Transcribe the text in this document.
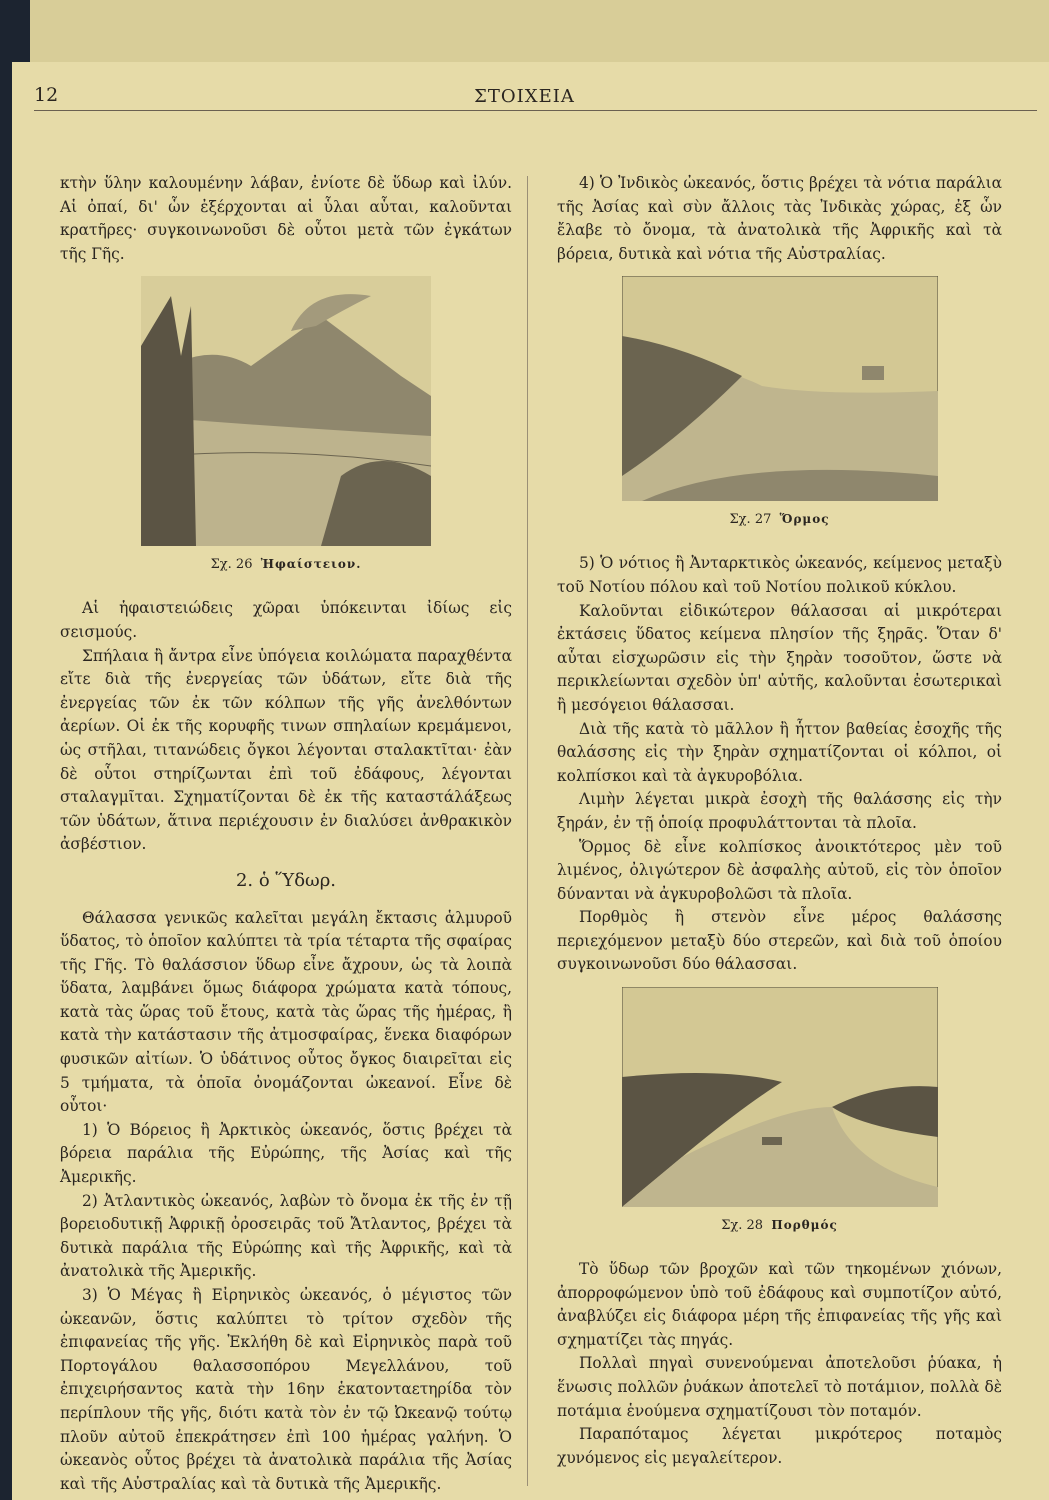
12	ΣΤΟΙΧΕΙΑ

κτὴν ὕλην καλουμένην λάβαν, ἐνίοτε δὲ ὕδωρ καὶ ἰλύν. Αἱ ὀπαί, δι' ὧν ἐξέρχονται αἱ ὗλαι αὗται, καλοῦνται κρατῆρες· συγκοινωνοῦσι δὲ οὗτοι μετὰ τῶν ἐγκάτων τῆς Γῆς.

Σχ. 26 Ἠφαίστειον.

Αἱ ἡφαιστειώδεις χῶραι ὑπόκεινται ἰδίως εἰς σεισμούς.

Σπήλαια ἢ ἄντρα εἶνε ὑπόγεια κοιλώματα παραχθέντα εἴτε διὰ τῆς ἐνεργείας τῶν ὑδάτων, εἴτε διὰ τῆς ἐνεργείας τῶν ἐκ τῶν κόλπων τῆς γῆς ἀνελθόντων ἀερίων. Οἱ ἐκ τῆς κορυφῆς τινων σπηλαίων κρεμάμενοι, ὡς στῆλαι, τιτανώδεις ὄγκοι λέγονται σταλακτῖται· ἐὰν δὲ οὗτοι στηρίζωνται ἐπὶ τοῦ ἐδάφους, λέγονται σταλαγμῖται. Σχηματίζονται δὲ ἐκ τῆς καταστάλάξεως τῶν ὑδάτων, ἅτινα περιέχουσιν ἐν διαλύσει ἀνθρακικὸν ἀσβέστιον.

2. ὁ Ὕδωρ.

Θάλασσα γενικῶς καλεῖται μεγάλη ἔκτασις ἁλμυροῦ ὕδατος, τὸ ὁποῖον καλύπτει τὰ τρία τέταρτα τῆς σφαίρας τῆς Γῆς. Τὸ θαλάσσιον ὕδωρ εἶνε ἄχρουν, ὡς τὰ λοιπὰ ὕδατα, λαμβάνει ὅμως διάφορα χρώματα κατὰ τόπους, κατὰ τὰς ὥρας τοῦ ἔτους, κατὰ τὰς ὥρας τῆς ἡμέρας, ἢ κατὰ τὴν κατάστασιν τῆς ἀτμοσφαίρας, ἕνεκα διαφόρων φυσικῶν αἰτίων. Ὁ ὑδάτινος οὗτος ὄγκος διαιρεῖται εἰς 5 τμήματα, τὰ ὁποῖα ὀνομάζονται ὠκεανοί. Εἶνε δὲ οὗτοι·

1) Ὁ Βόρειος ἢ Ἀρκτικὸς ὠκεανός, ὅστις βρέχει τὰ βόρεια παράλια τῆς Εὐρώπης, τῆς Ἀσίας καὶ τῆς Ἀμερικῆς.

2) Ἀτλαντικὸς ὠκεανός, λαβὼν τὸ ὄνομα ἐκ τῆς ἐν τῇ βορειοδυτικῇ Ἀφρικῇ ὀροσειρᾶς τοῦ Ἄτλαντος, βρέχει τὰ δυτικὰ παράλια τῆς Εὐρώπης καὶ τῆς Ἀφρικῆς, καὶ τὰ ἀνατολικὰ τῆς Ἀμερικῆς.

3) Ὁ Μέγας ἢ Εἰρηνικὸς ὠκεανός, ὁ μέγιστος τῶν ὠκεανῶν, ὅστις καλύπτει τὸ τρίτον σχεδὸν τῆς ἐπιφανείας τῆς γῆς. Ἐκλήθη δὲ καὶ Εἰρηνικὸς παρὰ τοῦ Πορτογάλου θαλασσοπόρου Μεγελλάνου, τοῦ ἐπιχειρήσαντος κατὰ τὴν 16ην ἑκατονταετηρίδα τὸν περίπλουν τῆς γῆς, διότι κατὰ τὸν ἐν τῷ Ὠκεανῷ τούτῳ πλοῦν αὐτοῦ ἐπεκράτησεν ἐπὶ 100 ἡμέρας γαλήνη. Ὁ ὠκεανὸς οὗτος βρέχει τὰ ἀνατολικὰ παράλια τῆς Ἀσίας καὶ τῆς Αὐστραλίας καὶ τὰ δυτικὰ τῆς Ἀμερικῆς.

4) Ὁ Ἰνδικὸς ὠκεανός, ὅστις βρέχει τὰ νότια παράλια τῆς Ἀσίας καὶ σὺν ἄλλοις τὰς Ἰνδικὰς χώρας, ἐξ ὧν ἔλαβε τὸ ὄνομα, τὰ ἀνατολικὰ τῆς Ἀφρικῆς καὶ τὰ βόρεια, δυτικὰ καὶ νότια τῆς Αὐστραλίας.

Σχ. 27 Ὅρμος

5) Ὁ νότιος ἢ Ἀνταρκτικὸς ὠκεανός, κείμενος μεταξὺ τοῦ Νοτίου πόλου καὶ τοῦ Νοτίου πολικοῦ κύκλου.

Καλοῦνται εἰδικώτερον θάλασσαι αἱ μικρότεραι ἐκτάσεις ὕδατος κείμενα πλησίον τῆς ξηρᾶς. Ὅταν δ' αὗται εἰσχωρῶσιν εἰς τὴν ξηρὰν τοσοῦτον, ὥστε νὰ περικλείωνται σχεδὸν ὑπ' αὐτῆς, καλοῦνται ἐσωτερικαὶ ἢ μεσόγειοι θάλασσαι.

Διὰ τῆς κατὰ τὸ μᾶλλον ἢ ἧττον βαθείας ἐσοχῆς τῆς θαλάσσης εἰς τὴν ξηρὰν σχηματίζονται οἱ κόλποι, οἱ κολπίσκοι καὶ τὰ ἀγκυροβόλια.

Λιμὴν λέγεται μικρὰ ἐσοχὴ τῆς θαλάσσης εἰς τὴν ξηράν, ἐν τῇ ὁποίᾳ προφυλάττονται τὰ πλοῖα.

Ὅρμος δὲ εἶνε κολπίσκος ἀνοικτότερος μὲν τοῦ λιμένος, ὀλιγώτερον δὲ ἀσφαλὴς αὐτοῦ, εἰς τὸν ὁποῖον δύνανται νὰ ἀγκυροβολῶσι τὰ πλοῖα.

Πορθμὸς ἢ στενὸν εἶνε μέρος θαλάσσης περιεχόμενον μεταξὺ δύο στερεῶν, καὶ διὰ τοῦ ὁποίου συγκοινωνοῦσι δύο θάλασσαι.

Σχ. 28 Πορθμός

Τὸ ὕδωρ τῶν βροχῶν καὶ τῶν τηκομένων χιόνων, ἀπορροφώμενον ὑπὸ τοῦ ἐδάφους καὶ συμποτίζον αὐτό, ἀναβλύζει εἰς διάφορα μέρη τῆς ἐπιφανείας τῆς γῆς καὶ σχηματίζει τὰς πηγάς.

Πολλαὶ πηγαὶ συνενούμεναι ἀποτελοῦσι ῥύακα, ἡ ἕνωσις πολλῶν ῥυάκων ἀποτελεῖ τὸ ποτάμιον, πολλὰ δὲ ποτάμια ἑνούμενα σχηματίζουσι τὸν ποταμόν.

Παραπόταμος λέγεται μικρότερος ποταμὸς χυνόμενος εἰς μεγαλείτερον.
